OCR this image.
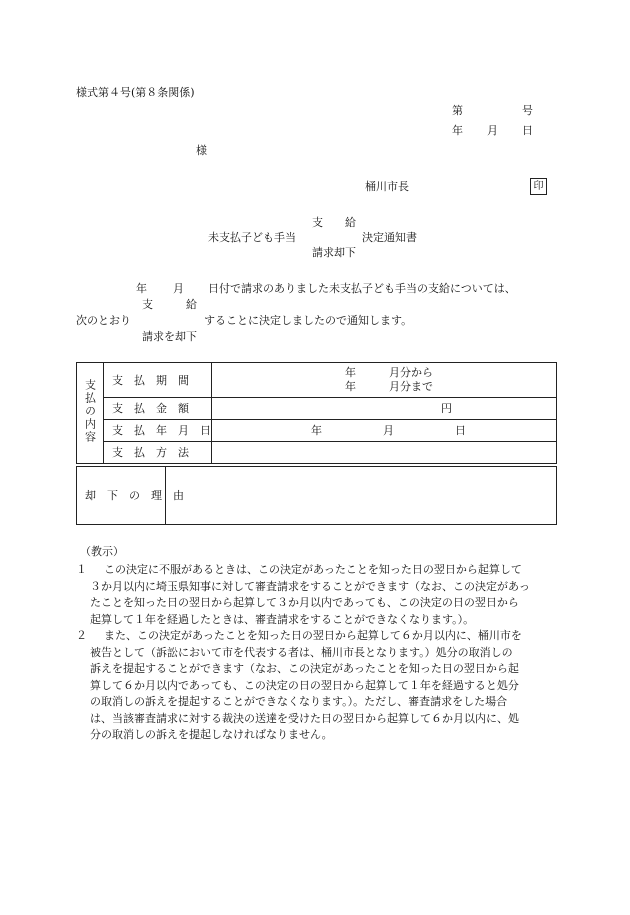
様式第４号(第８条関係)
第	号
年 月 日
様
桶川市長	印
支　　給
未支払子ども手当	決定通知書
請求却下
年 月 日付で請求のありました未支払子ども手当の支給については、
支　　　給
次のとおり	することに決定しましたので通知します。
請求を却下
支払の内容	支　払　期　間	年　　　月分から
年　　　月分まで

	支　払　金　額	円

	支　払　年　月　日	年 月 日

	支　払　方　法	
却　下　の　理　由
（教示）
１	この決定に不服があるときは、この決定があったことを知った日の翌日から起算して
３か月以内に埼玉県知事に対して審査請求をすることができます（なお、この決定があっ
たことを知った日の翌日から起算して３か月以内であっても、この決定の日の翌日から
起算して１年を経過したときは、審査請求をすることができなくなります。）。
２	また、この決定があったことを知った日の翌日から起算して６か月以内に、桶川市を
被告として（訴訟において市を代表する者は、桶川市長となります。）処分の取消しの
訴えを提起することができます（なお、この決定があったことを知った日の翌日から起
算して６か月以内であっても、この決定の日の翌日から起算して１年を経過すると処分
の取消しの訴えを提起することができなくなります。）。ただし、審査請求をした場合
は、当該審査請求に対する裁決の送達を受けた日の翌日から起算して６か月以内に、処
分の取消しの訴えを提起しなければなりません。
